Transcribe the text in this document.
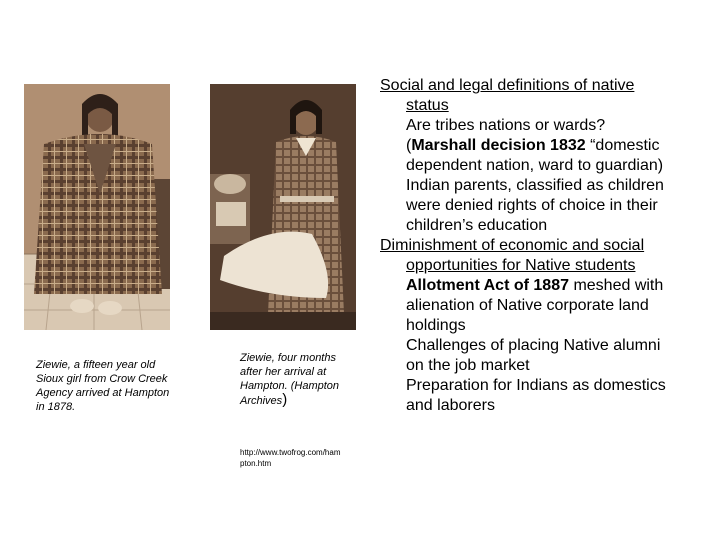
Ziewie, a fifteen year old Sioux girl from Crow Creek Agency arrived at Hampton in 1878.
Ziewie, four months after her arrival at Hampton. (Hampton Archives)
http://www.twofrog.com/hampton.htm

Social and legal definitions of native status

Are tribes nations or wards? (Marshall decision 1832 “domestic dependent nation, ward to guardian)

Indian parents, classified as children were denied rights of choice in their children’s education

Diminishment of economic and social opportunities for Native students

Allotment Act of 1887 meshed with alienation of Native corporate land holdings

Challenges of placing Native alumni on the job market

Preparation for Indians as domestics and laborers
